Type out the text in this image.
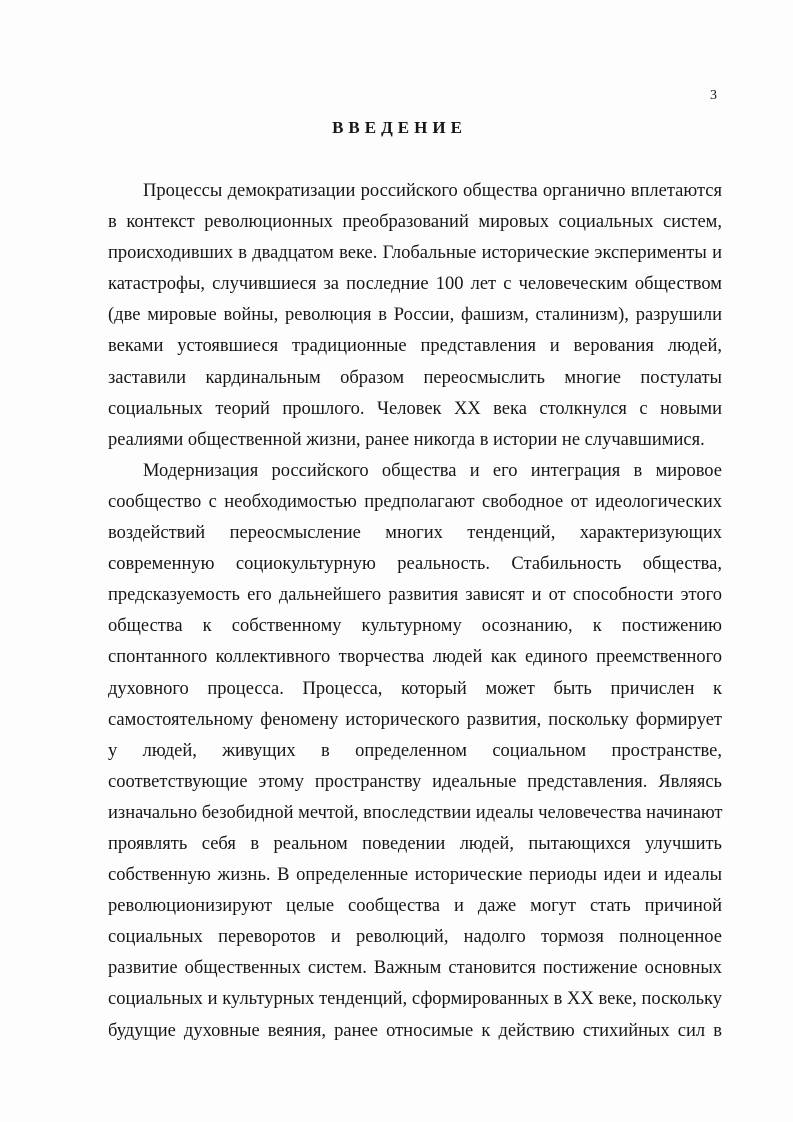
3
ВВЕДЕНИЕ
Процессы демократизации российского общества органично вплетаются
в контекст революционных преобразований мировых социальных систем,
происходивших в двадцатом веке. Глобальные исторические эксперименты и
катастрофы, случившиеся за последние 100 лет с человеческим обществом
(две мировые войны, революция в России, фашизм, сталинизм), разрушили
веками устоявшиеся традиционные представления и верования людей,
заставили кардинальным образом переосмыслить многие постулаты
социальных теорий прошлого. Человек XX века столкнулся с новыми
реалиями общественной жизни, ранее никогда в истории не случавшимися.
Модернизация российского общества и его интеграция в мировое
сообщество с необходимостью предполагают свободное от идеологических
воздействий переосмысление многих тенденций, характеризующих
современную социокультурную реальность. Стабильность общества,
предсказуемость его дальнейшего развития зависят и от способности этого
общества к собственному культурному осознанию, к постижению
спонтанного коллективного творчества людей как единого преемственного
духовного процесса. Процесса, который может быть причислен к
самостоятельному феномену исторического развития, поскольку формирует
у людей, живущих в определенном социальном пространстве,
соответствующие этому пространству идеальные представления. Являясь
изначально безобидной мечтой, впоследствии идеалы человечества начинают
проявлять себя в реальном поведении людей, пытающихся улучшить
собственную жизнь. В определенные исторические периоды идеи и идеалы
революционизируют целые сообщества и даже могут стать причиной
социальных переворотов и революций, надолго тормозя полноценное
развитие общественных систем. Важным становится постижение основных
социальных и культурных тенденций, сформированных в XX веке, поскольку
будущие духовные веяния, ранее относимые к действию стихийных сил в
